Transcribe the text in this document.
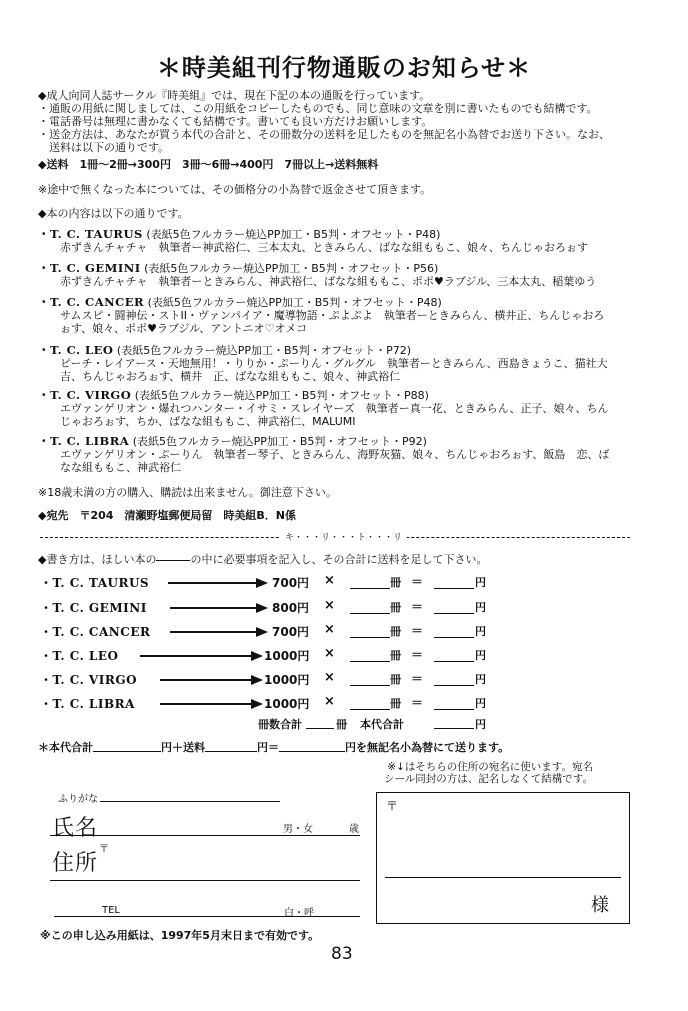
＊時美組刊行物通販のお知らせ＊
◆成人向同人誌サークル『時美組』では、現在下記の本の通販を行っています。
・通販の用紙に関しましては、この用紙をコピーしたものでも、同じ意味の文章を別に書いたものでも結構です。
・電話番号は無理に書かなくても結構です。書いても良い方だけお願いします。
・送金方法は、あなたが買う本代の合計と、その冊数分の送料を足したものを無記名小為替でお送り下さい。なお、
　送料は以下の通りです。
◆送料　1冊〜2冊→300円　3冊〜6冊→400円　7冊以上→送料無料
※途中で無くなった本については、その価格分の小為替で返金させて頂きます。
◆本の内容は以下の通りです。
・T. C. TAURUS (表紙5色フルカラー焼込PP加工・B5判・オフセット・P48)
赤ずきんチャチャ　執筆者ー神武裕仁、三本太丸、ときみらん、ばなな組ももこ、娘々、ちんじゃおろぉす
・T. C. GEMINI (表紙5色フルカラー焼込PP加工・B5判・オフセット・P56)
赤ずきんチャチャ　執筆者ーときみらん、神武裕仁、ばなな組ももこ、ポポ♥ラブジル、三本太丸、稲葉ゆう
・T. C. CANCER (表紙5色フルカラー焼込PP加工・B5判・オフセット・P48)
サムスピ・闘神伝・ストII・ヴァンパイア・魔導物語・ぷよぷよ　執筆者ーときみらん、横井正、ちんじゃおろ
ぉす、娘々、ポポ♥ラブジル、アントニオ♡オメコ
・T. C. LEO (表紙5色フルカラー焼込PP加工・B5判・オフセット・P72)
ピーチ・レイアース・天地無用！・りりか・ぷーりん・グルグル　執筆者ーときみらん、西島きょうこ、猫社大
吉、ちんじゃおろぉす、横井　正、ばなな組ももこ、娘々、神武裕仁
・T. C. VIRGO (表紙5色フルカラー焼込PP加工・B5判・オフセット・P88)
エヴァンゲリオン・爆れつハンター・イサミ・スレイヤーズ　執筆者ー真一花、ときみらん、正子、娘々、ちん
じゃおろぉす、ちか、ばなな組ももこ、神武裕仁、MALUMI
・T. C. LIBRA (表紙5色フルカラー焼込PP加工・B5判・オフセット・P92)
エヴァンゲリオン・ぷーりん　執筆者ー琴子、ときみらん、海野灰猫、娘々、ちんじゃおろぉす、飯島　恋、ば
なな組ももこ、神武裕仁
※18歳未満の方の購入、購読は出来ません。御注意下さい。
◆宛先　〒204　清瀬野塩郵便局留　時美組B．N係
キ・・・リ・・・ト・・・リ
◆書き方は、ほしい本の	の中に必要事項を記入し、その合計に送料を足して下さい。
・T. C. TAURUS	700円 ×	冊 ＝	円
・T. C. GEMINI	800円 ×	冊 ＝	円
・T. C. CANCER	700円 ×	冊 ＝	円
・T. C. LEO	1000円 ×	冊 ＝	円
・T. C. VIRGO	1000円 ×	冊 ＝	円
・T. C. LIBRA	1000円 ×	冊 ＝	円
冊数合計	冊 本代合計	円
＊本代合計	円＋送料	円＝	円を無記名小為替にて送ります。
※↓はそちらの住所の宛名に使います。宛名
シール同封の方は、記名しなくて結構です。
ふりがな
氏名	男・女	歳
住所
〒
TEL	白・呼
〒
様
※この申し込み用紙は、1997年5月末日まで有効です。
83
